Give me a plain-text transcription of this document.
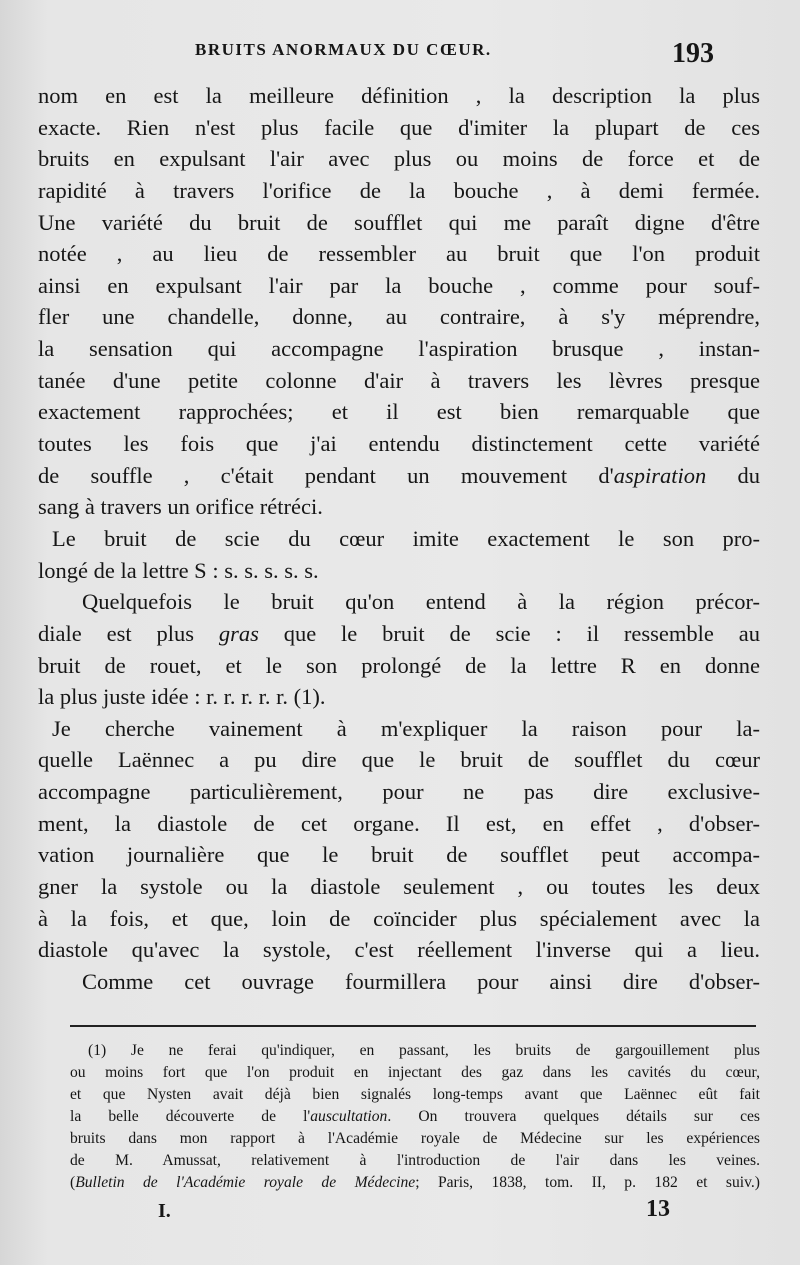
BRUITS ANORMAUX DU CŒUR.	193
nom en est la meilleure définition , la description la plus
exacte. Rien n'est plus facile que d'imiter la plupart de ces
bruits en expulsant l'air avec plus ou moins de force et de
rapidité à travers l'orifice de la bouche , à demi fermée.
Une variété du bruit de soufflet qui me paraît digne d'être
notée , au lieu de ressembler au bruit que l'on produit
ainsi en expulsant l'air par la bouche , comme pour souf-
fler une chandelle, donne, au contraire, à s'y méprendre,
la sensation qui accompagne l'aspiration brusque , instan-
tanée d'une petite colonne d'air à travers les lèvres presque
exactement rapprochées; et il est bien remarquable que
toutes les fois que j'ai entendu distinctement cette variété
de souffle , c'était pendant un mouvement d'aspiration du
sang à travers un orifice rétréci.
Le bruit de scie du cœur imite exactement le son pro-
longé de la lettre S : s. s. s. s. s.
Quelquefois le bruit qu'on entend à la région précor-
diale est plus gras que le bruit de scie : il ressemble au
bruit de rouet, et le son prolongé de la lettre R en donne
la plus juste idée : r. r. r. r. r. (1).
Je cherche vainement à m'expliquer la raison pour la-
quelle Laënnec a pu dire que le bruit de soufflet du cœur
accompagne particulièrement, pour ne pas dire exclusive-
ment, la diastole de cet organe. Il est, en effet , d'obser-
vation journalière que le bruit de soufflet peut accompa-
gner la systole ou la diastole seulement , ou toutes les deux
à la fois, et que, loin de coïncider plus spécialement avec la
diastole qu'avec la systole, c'est réellement l'inverse qui a lieu.
Comme cet ouvrage fourmillera pour ainsi dire d'obser-
(1) Je ne ferai qu'indiquer, en passant, les bruits de gargouillement plus
ou moins fort que l'on produit en injectant des gaz dans les cavités du cœur,
et que Nysten avait déjà bien signalés long-temps avant que Laënnec eût fait
la belle découverte de l'auscultation. On trouvera quelques détails sur ces
bruits dans mon rapport à l'Académie royale de Médecine sur les expériences
de M. Amussat, relativement à l'introduction de l'air dans les veines.
(Bulletin de l'Académie royale de Médecine; Paris, 1838, tom. II, p. 182 et suiv.)
I.	13
